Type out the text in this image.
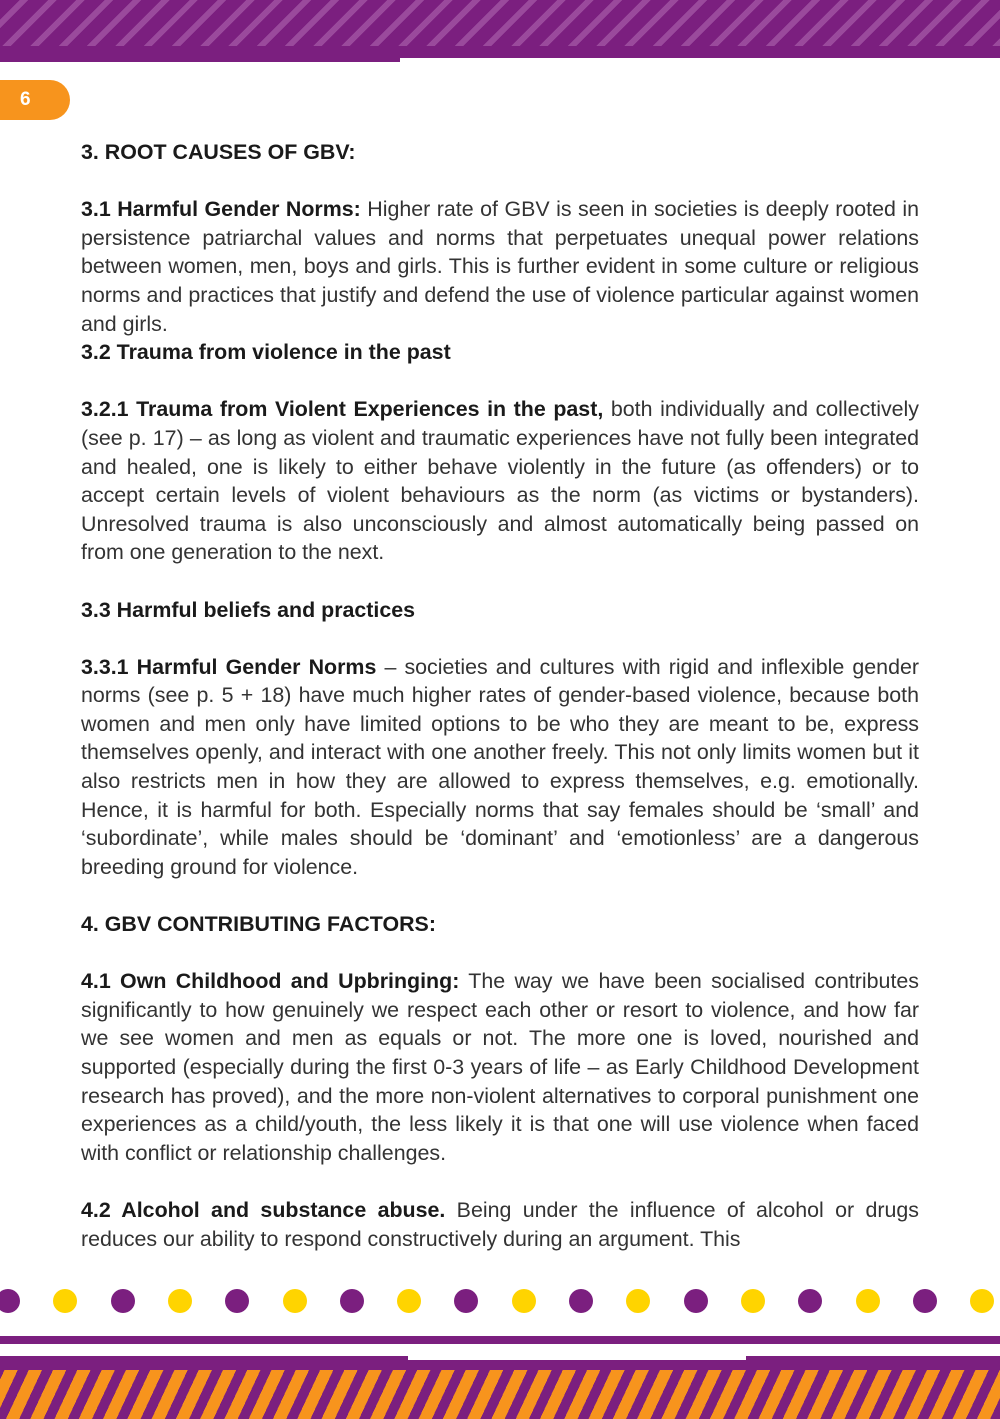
6

3. ROOT CAUSES OF GBV:

3.1 Harmful Gender Norms: Higher rate of GBV is seen in societies is deeply rooted in persistence patriarchal values and norms that perpetuates unequal power relations between women, men, boys and girls. This is further evident in some culture or religious norms and practices that justify and defend the use of violence particular against women and girls.

3.2 Trauma from violence in the past

3.2.1 Trauma from Violent Experiences in the past, both individually and collectively (see p. 17) – as long as violent and traumatic experiences have not fully been integrated and healed, one is likely to either behave violently in the future (as offenders) or to accept certain levels of violent behaviours as the norm (as victims or bystanders). Unresolved trauma is also unconsciously and almost automatically being passed on from one generation to the next.

3.3 Harmful beliefs and practices

3.3.1 Harmful Gender Norms – societies and cultures with rigid and inflexible gender norms (see p. 5 + 18) have much higher rates of gender-based violence, because both women and men only have limited options to be who they are meant to be, express themselves openly, and interact with one another freely. This not only limits women but it also restricts men in how they are allowed to express themselves, e.g. emotionally. Hence, it is harmful for both. Especially norms that say females should be ‘small’ and ‘subordinate’, while males should be ‘dominant’ and ‘emotionless’ are a dangerous breeding ground for violence.

4. GBV CONTRIBUTING FACTORS:

4.1 Own Childhood and Upbringing: The way we have been socialised contributes significantly to how genuinely we respect each other or resort to violence, and how far we see women and men as equals or not. The more one is loved, nourished and supported (especially during the first 0-3 years of life – as Early Childhood Development research has proved), and the more non-violent alternatives to corporal punishment one experiences as a child/youth, the less likely it is that one will use violence when faced with conflict or relationship challenges.

4.2 Alcohol and substance abuse. Being under the influence of alcohol or drugs reduces our ability to respond constructively during an argument. This
